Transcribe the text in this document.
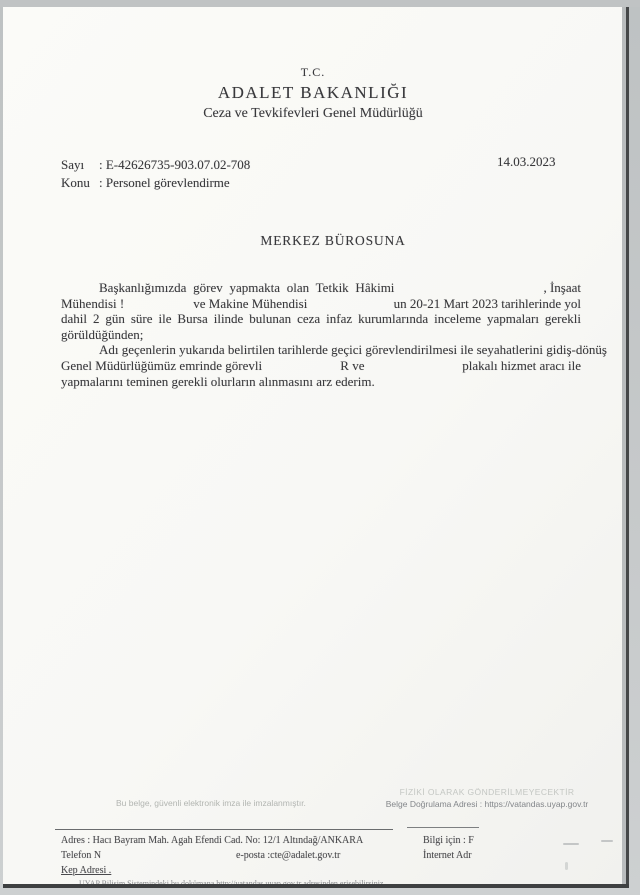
T.C.
ADALET BAKANLIĞI
Ceza ve Tevkifevleri Genel Müdürlüğü
Sayı	: E-42626735-903.07.02-708
Konu : Personel görevlendirme
14.03.2023
MERKEZ BÜROSUNA
Başkanlığımızda görev yapmakta olan Tetkik Hâkimi	, İnşaat
Mühendisi !	ve Makine Mühendisi	un 20-21 Mart 2023 tarihlerinde yol
dahil 2 gün süre ile Bursa ilinde bulunan ceza infaz kurumlarında inceleme yapmaları gerekli
görüldüğünden;
Adı geçenlerin yukarıda belirtilen tarihlerde geçici görevlendirilmesi ile seyahatlerini gidiş-dönüş
Genel Müdürlüğümüz emrinde görevli	R ve	plakalı hizmet aracı ile
yapmalarını teminen gerekli olurların alınmasını arz ederim.
Bu belge, güvenli elektronik imza ile imzalanmıştır.
FİZİKİ OLARAK GÖNDERİLMEYECEKTİR
Belge Doğrulama Adresi : https://vatandas.uyap.gov.tr
Adres : Hacı Bayram Mah. Agah Efendi Cad. No: 12/1 Altındağ/ANKARA	Bilgi için : F
Telefon N	e-posta :cte@adalet.gov.tr	İnternet Adr
Kep Adresi .
